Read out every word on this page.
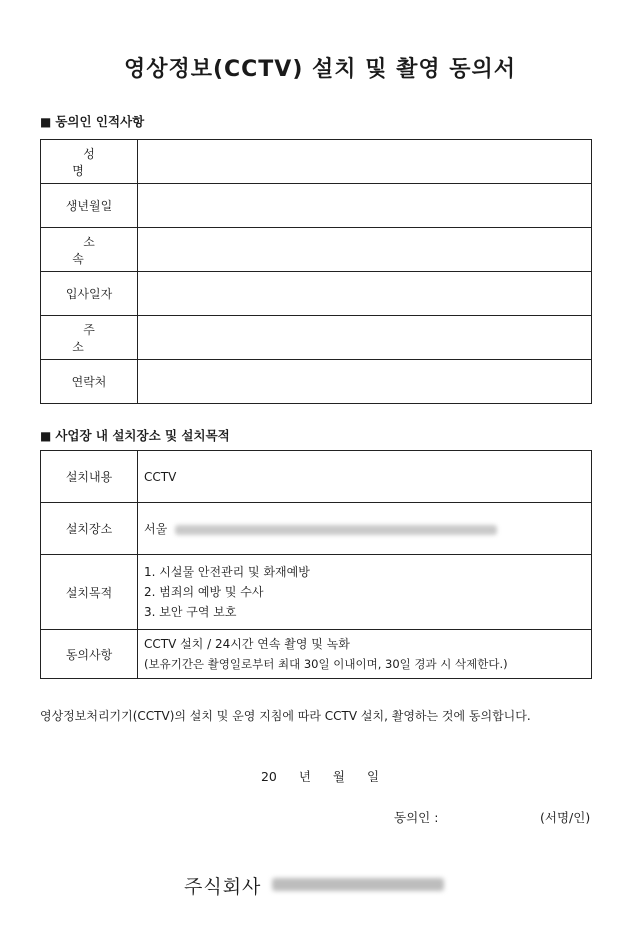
영상정보(CCTV) 설치 및 촬영 동의서
■ 동의인 인적사항
성 명	
생년월일	
소 속	
입사일자	
주 소	
연락처	
■ 사업장 내 설치장소 및 설치목적
설치내용	CCTV
설치장소	서울
설치목적	1. 시설물 안전관리 및 화재예방
2. 범죄의 예방 및 수사
3. 보안 구역 보호

동의사항	CCTV 설치 / 24시간 연속 촬영 및 녹화
(보유기간은 촬영일로부터 최대 30일 이내이며, 30일 경과 시 삭제한다.)
영상정보처리기기(CCTV)의 설치 및 운영 지침에 따라 CCTV 설치, 촬영하는 것에 동의합니다.
20 년 월 일
동의인 :	(서명/인)
주식회사
